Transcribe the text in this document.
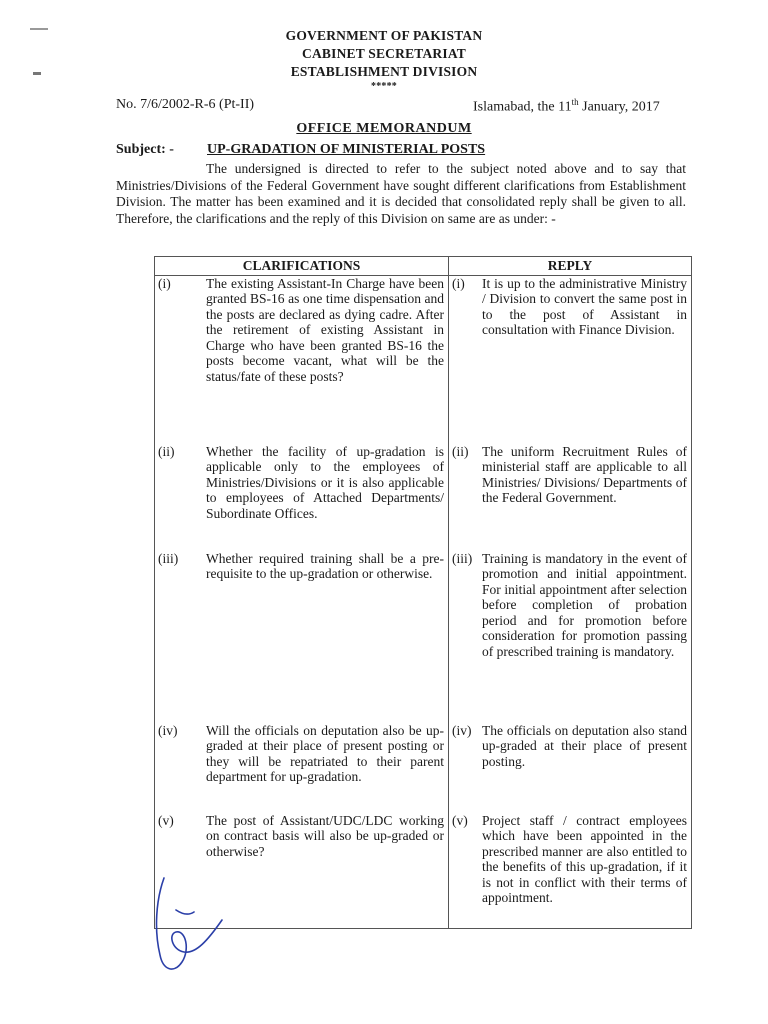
GOVERNMENT OF PAKISTAN
CABINET SECRETARIAT
ESTABLISHMENT DIVISION
*****
No. 7/6/2002-R-6 (Pt-II)	Islamabad, the 11th January, 2017
OFFICE MEMORANDUM
Subject: - UP-GRADATION OF MINISTERIAL POSTS

The undersigned is directed to refer to the subject noted above and to say that Ministries/Divisions of the Federal Government have sought different clarifications from Establishment Division. The matter has been examined and it is decided that consolidated reply shall be given to all. Therefore, the clarifications and the reply of this Division on same are as under: -

CLARIFICATIONS	REPLY

(i) The existing Assistant-In Charge have been granted BS-16 as one time dispensation and the posts are declared as dying cadre. After the retirement of existing Assistant in Charge who have been granted BS-16 the posts become vacant, what will be the status/fate of these posts?	(i) It is up to the administrative Ministry / Division to convert the same post in to the post of Assistant in consultation with Finance Division.

(ii) Whether the facility of up-gradation is applicable only to the employees of Ministries/Divisions or it is also applicable to employees of Attached Departments/ Subordinate Offices.	(ii) The uniform Recruitment Rules of ministerial staff are applicable to all Ministries/ Divisions/ Departments of the Federal Government.

(iii) Whether required training shall be a pre-requisite to the up-gradation or otherwise.	(iii) Training is mandatory in the event of promotion and initial appointment. For initial appointment after selection before completion of probation period and for promotion before consideration for promotion passing of prescribed training is mandatory.

(iv) Will the officials on deputation also be up-graded at their place of present posting or they will be repatriated to their parent department for up-gradation.	(iv) The officials on deputation also stand up-graded at their place of present posting.

(v) The post of Assistant/UDC/LDC working on contract basis will also be up-graded or otherwise?	(v) Project staff / contract employees which have been appointed in the prescribed manner are also entitled to the benefits of this up-gradation, if it is not in conflict with their terms of appointment.
